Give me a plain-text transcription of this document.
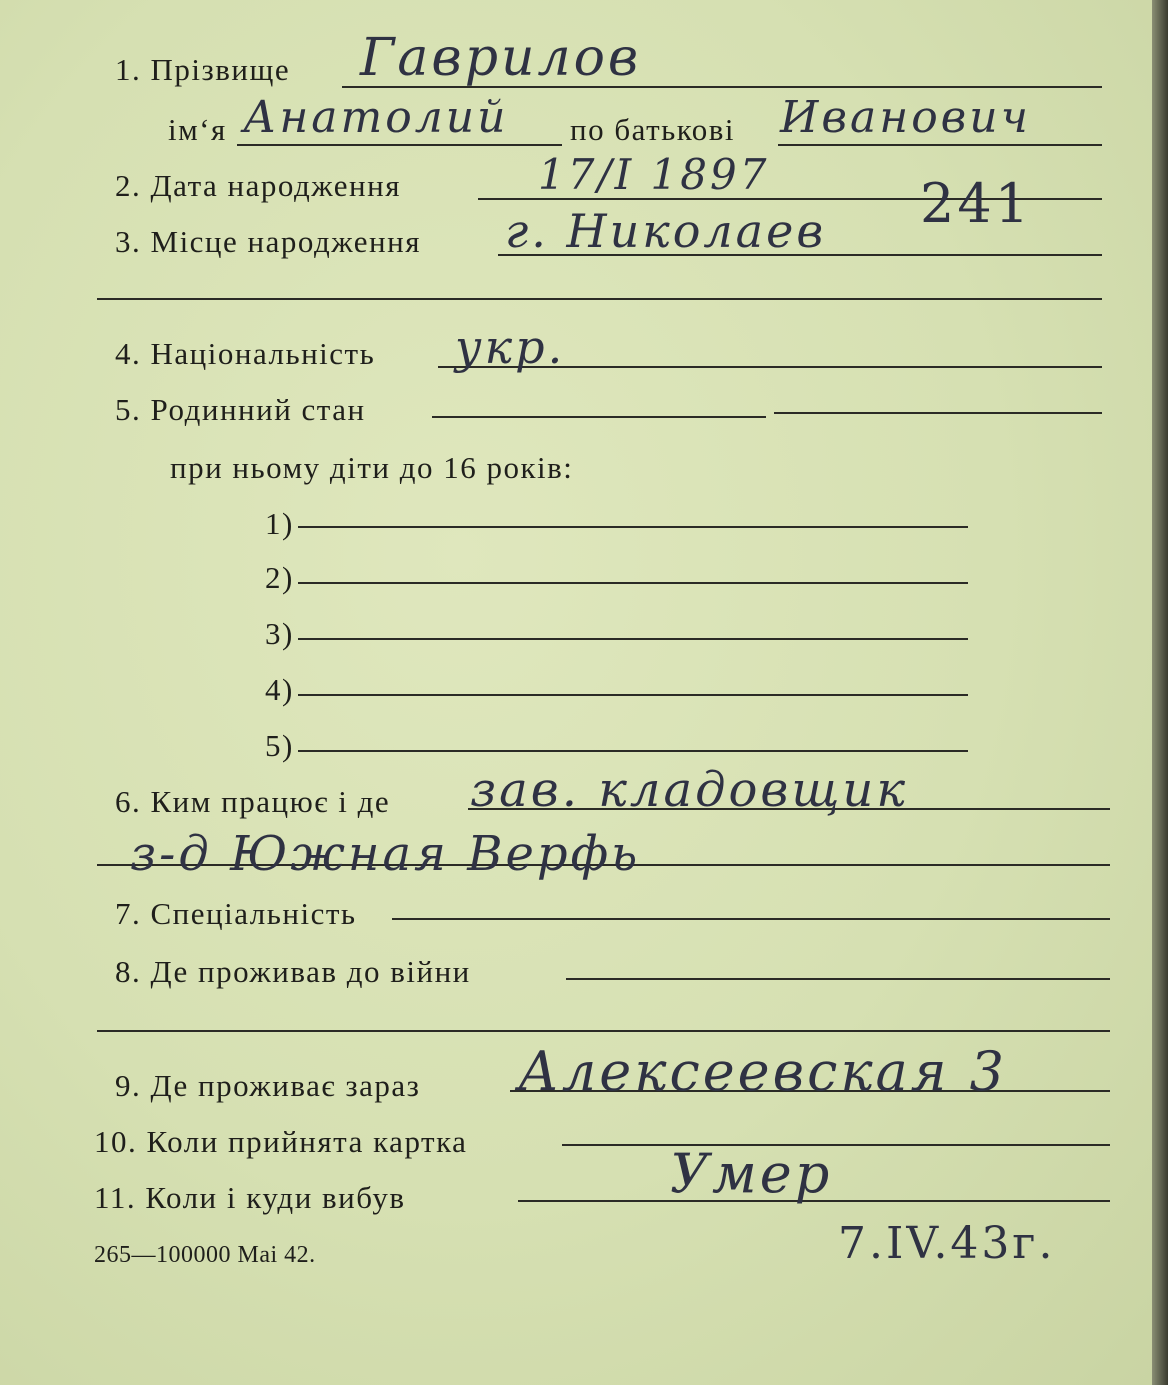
1. Прізвище Гаврилов
ім‘я Анатолий по батькові Иванович
2. Дата народження	17/I 1897	241
3. Місце народження г. Николаев
4. Національність укр.
5. Родинний стан
при ньому діти до 16 років:
1)
2)
3)
4)
5)
6. Ким працює і де зав. кладовщик
з-д Южная Верфь
7. Спеціальність
8. Де проживав до війни
9. Де проживає зараз Алексеевская 3
10. Коли прийнята картка
11. Коли і куди вибув	Умер
7.IV.43г.
265—100000 Маі 42.
